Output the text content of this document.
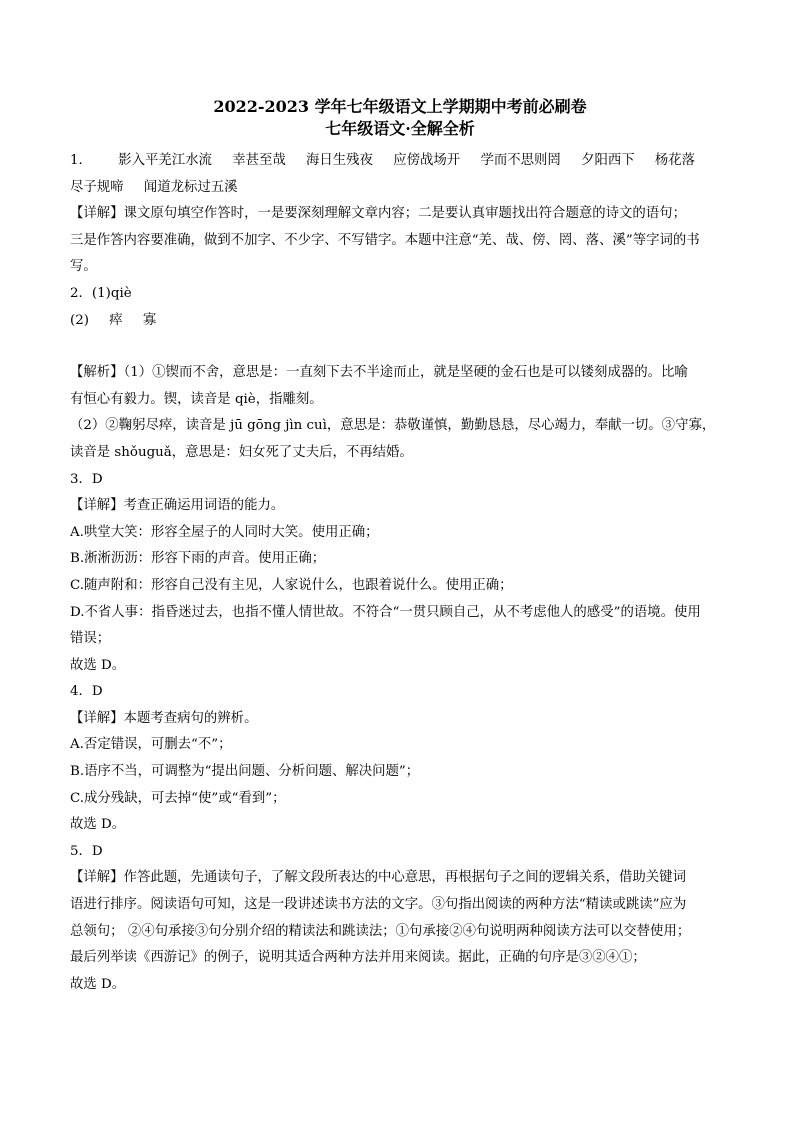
2022-2023 学年七年级语文上学期期中考前必刷卷
七年级语文·全解全析
1． 影入平羌江水流 幸甚至哉 海日生残夜 应傍战场开 学而不思则罔 夕阳西下 杨花落
尽子规啼 闻道龙标过五溪
【详解】课文原句填空作答时，一是要深刻理解文章内容；二是要认真审题找出符合题意的诗文的语句；
三是作答内容要准确，做到不加字、不少字、不写错字。本题中注意“羌、哉、傍、罔、落、溪”等字词的书
写。
2．(1)qiè
(2) 瘁 寡
【解析】（1）①锲而不舍，意思是：一直刻下去不半途而止，就是坚硬的金石也是可以镂刻成器的。比喻
有恒心有毅力。锲，读音是 qiè，指雕刻。
（2）②鞠躬尽瘁，读音是 jū gōng jìn cuì，意思是：恭敬谨慎，勤勤恳恳，尽心竭力，奉献一切。③守寡，
读音是 shǒuguǎ，意思是：妇女死了丈夫后，不再结婚。
3．D
【详解】考查正确运用词语的能力。
A.哄堂大笑：形容全屋子的人同时大笑。使用正确；
B.淅淅沥沥：形容下雨的声音。使用正确；
C.随声附和：形容自己没有主见，人家说什么，也跟着说什么。使用正确；
D.不省人事：指昏迷过去，也指不懂人情世故。不符合“一贯只顾自己，从不考虑他人的感受”的语境。使用
错误；
故选 D。
4．D
【详解】本题考查病句的辨析。
A.否定错误，可删去“不”；
B.语序不当，可调整为“提出问题、分析问题、解决问题”；
C.成分残缺，可去掉“使”或“看到”；
故选 D。
5．D
【详解】作答此题，先通读句子，了解文段所表达的中心意思，再根据句子之间的逻辑关系，借助关键词
语进行排序。阅读语句可知，这是一段讲述读书方法的文字。③句指出阅读的两种方法“精读或跳读”应为
总领句； ②④句承接③句分别介绍的精读法和跳读法；①句承接②④句说明两种阅读方法可以交替使用；
最后列举读《西游记》的例子，说明其适合两种方法并用来阅读。据此，正确的句序是③②④①；
故选 D。
